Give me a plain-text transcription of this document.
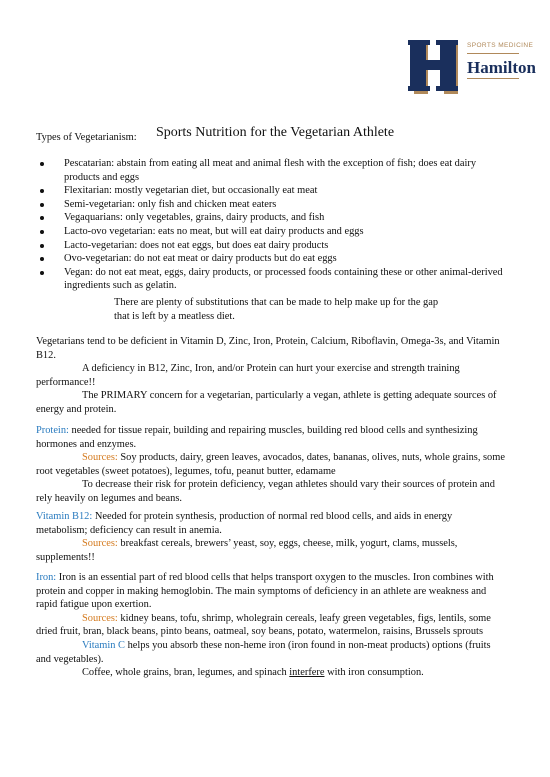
SPORTS MEDICINE
Hamilton
Sports Nutrition for the Vegetarian Athlete
Types of Vegetarianism:
Pescatarian: abstain from eating all meat and animal flesh with the exception of fish; does eat dairy products and eggs
Flexitarian: mostly vegetarian diet, but occasionally eat meat
Semi-vegetarian: only fish and chicken meat eaters
Vegaquarians: only vegetables, grains, dairy products, and fish
Lacto-ovo vegetarian: eats no meat, but will eat dairy products and eggs
Lacto-vegetarian: does not eat eggs, but does eat dairy products
Ovo-vegetarian: do not eat meat or dairy products but do eat eggs
Vegan: do not eat meat, eggs, dairy products, or processed foods containing these or other animal-derived ingredients such as gelatin.
There are plenty of substitutions that can be made to help make up for the gap that is left by a meatless diet.

Vegetarians tend to be deficient in Vitamin D, Zinc, Iron, Protein, Calcium, Riboflavin, Omega-3s, and Vitamin B12.

A deficiency in B12, Zinc, Iron, and/or Protein can hurt your exercise and strength training performance!!

The PRIMARY concern for a vegetarian, particularly a vegan, athlete is getting adequate sources of energy and protein.

Protein: needed for tissue repair, building and repairing muscles, building red blood cells and synthesizing hormones and enzymes.

Sources: Soy products, dairy, green leaves, avocados, dates, bananas, olives, nuts, whole grains, some root vegetables (sweet potatoes), legumes, tofu, peanut butter, edamame

To decrease their risk for protein deficiency, vegan athletes should vary their sources of protein and rely heavily on legumes and beans.

Vitamin B12: Needed for protein synthesis, production of normal red blood cells, and aids in energy metabolism; deficiency can result in anemia.

Sources: breakfast cereals, brewers’ yeast, soy, eggs, cheese, milk, yogurt, clams, mussels, supplements!!

Iron: Iron is an essential part of red blood cells that helps transport oxygen to the muscles. Iron combines with protein and copper in making hemoglobin. The main symptoms of deficiency in an athlete are weakness and rapid fatigue upon exertion.

Sources: kidney beans, tofu, shrimp, wholegrain cereals, leafy green vegetables, figs, lentils, some dried fruit, bran, black beans, pinto beans, oatmeal, soy beans, potato, watermelon, raisins, Brussels sprouts

Vitamin C helps you absorb these non-heme iron (iron found in non-meat products) options (fruits and vegetables).

Coffee, whole grains, bran, legumes, and spinach interfere with iron consumption.
